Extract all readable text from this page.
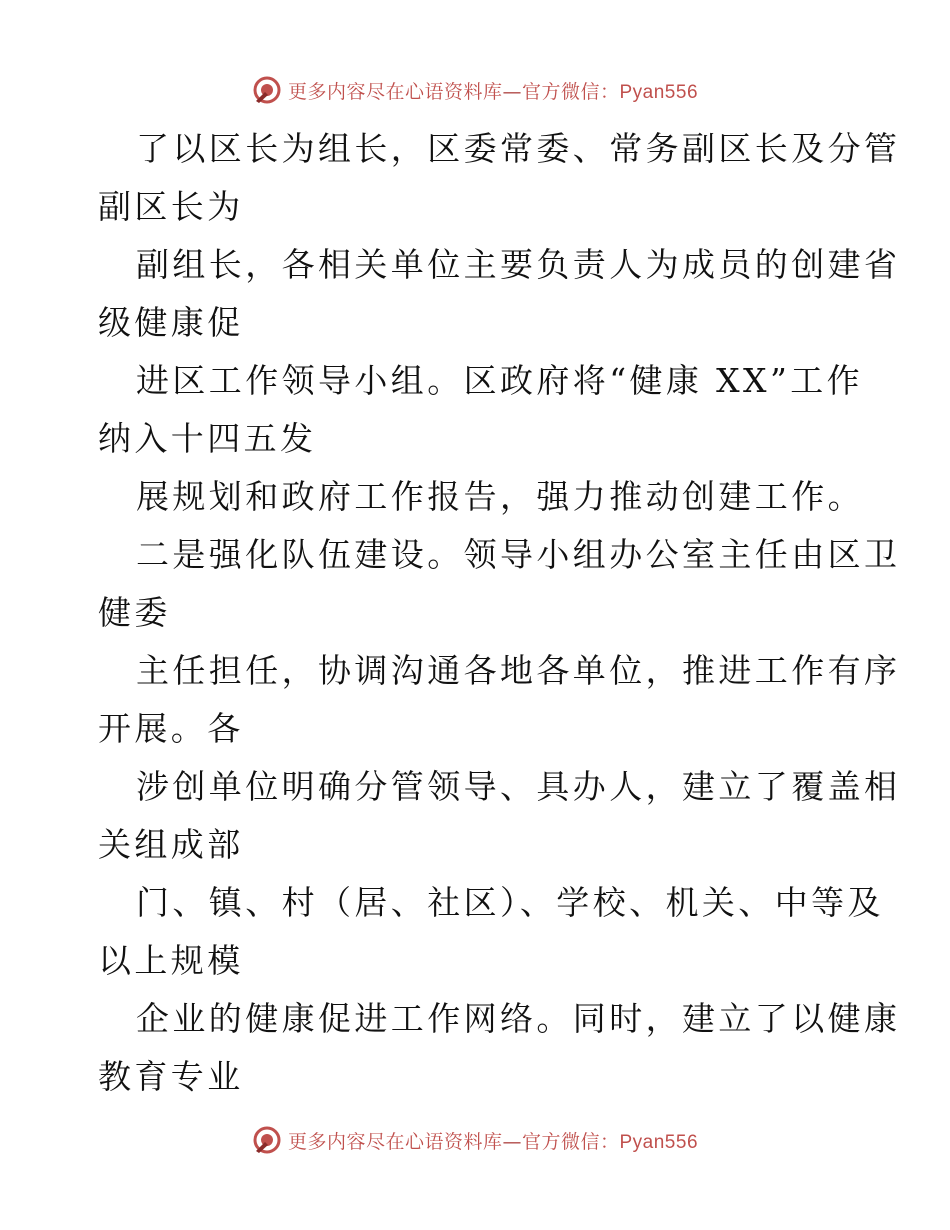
更多内容尽在心语资料库—官方微信：Pyan556
了以区长为组长，区委常委、常务副区长及分管
副区长为
副组长，各相关单位主要负责人为成员的创建省
级健康促
进区工作领导小组。区政府将“健康 XX”工作
纳入十四五发
展规划和政府工作报告，强力推动创建工作。
二是强化队伍建设。领导小组办公室主任由区卫
健委
主任担任，协调沟通各地各单位，推进工作有序
开展。各
涉创单位明确分管领导、具办人，建立了覆盖相
关组成部
门、镇、村（居、社区）、学校、机关、中等及
以上规模
企业的健康促进工作网络。同时，建立了以健康
教育专业
更多内容尽在心语资料库—官方微信：Pyan556
